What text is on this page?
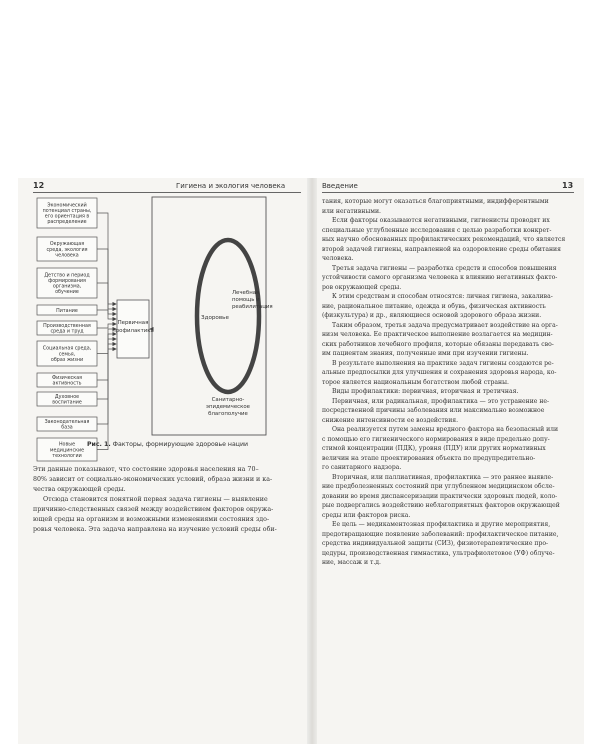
12	Гигиена и экология человека	Введение	13
Экономический
потенциал страны,
его ориентация в
распределение
Окружающая
среда, экология
человека
Детство и период
формирования
организма,
обучение
Питание
Производственная
среда и труд
Социальная среда,
семья,
образ жизни
Физическая
активность
Духовное
воспитание
Законодательная
база
Новые
медицинские
технологии
Первичная
профилактика
Здоровье
Лечебная
помощь и
реабилитация
Санитарно-
эпидемическое
благополучие
Рис. 1. Факторы, формирующие здоровье нации

Эти данные показывают, что состояние здоровья населения на 70–

80% зависит от социально-экономических условий, образа жизни и ка-

чества окружающей среды.

Отсюда становится понятной первая задача гигиены — выявление

причинно-следственных связей между воздействием факторов окружа-

ющей среды на организм и возможными изменениями состояния здо-

ровья человека. Эта задача направлена на изучение условий среды оби-

тания, которые могут оказаться благоприятными, индифферентными

или негативными.

Если факторы оказываются негативными, гигиенисты проводят их

специальные углубленные исследования с целью разработки конкрет-

ных научно обоснованных профилактических рекомендаций, что является

второй задачей гигиены, направленной на оздоровление среды обитания

человека.

Третья задача гигиены — разработка средств и способов повышения

устойчивости самого организма человека к влиянию негативных факто-

ров окружающей среды.

К этим средствам и способам относятся: личная гигиена, закалива-

ние, рациональное питание, одежда и обувь, физическая активность

(физкультура) и др., являющиеся основой здорового образа жизни.

Таким образом, третья задача предусматривает воздействие на орга-

низм человека. Ее практическое выполнение возлагается на медицин-

ских работников лечебного профиля, которые обязаны передавать сво-

им пациентам знания, полученные ими при изучении гигиены.

В результате выполнения на практике задач гигиены создаются ре-

альные предпосылки для улучшения и сохранения здоровья народа, ко-

торое является национальным богатством любой страны.

Виды профилактики: первичная, вторичная и третичная.

Первичная, или радикальная, профилактика — это устранение не-

посредственной причины заболевания или максимально возможное

снижение интенсивности ее воздействия.

Она реализуется путем замены вредного фактора на безопасный или

с помощью его гигиенического нормирования в виде предельно допу-

стимой концентрации (ПДК), уровня (ПДУ) или других нормативных

величин на этапе проектирования объекта по предупредительно-

го санитарного надзора.

Вторичная, или паллиативная, профилактика — это раннее выявле-

ние предболезненных состояний при углубленном медицинском обсле-

довании во время диспансеризации практически здоровых людей, коло-

рые подвергались воздействию неблагоприятных факторов окружающей

среды или факторов риска.

Ее цель — медикаментозная профилактика и другие мероприятия,

предотвращающие появление заболеваний: профилактическое питание,

средства индивидуальной защиты (СИЗ), физиотерапевтические про-

цедуры, производственная гимнастика, ультрафиолетовое (УФ) облуче-

ние, массаж и т.д.
